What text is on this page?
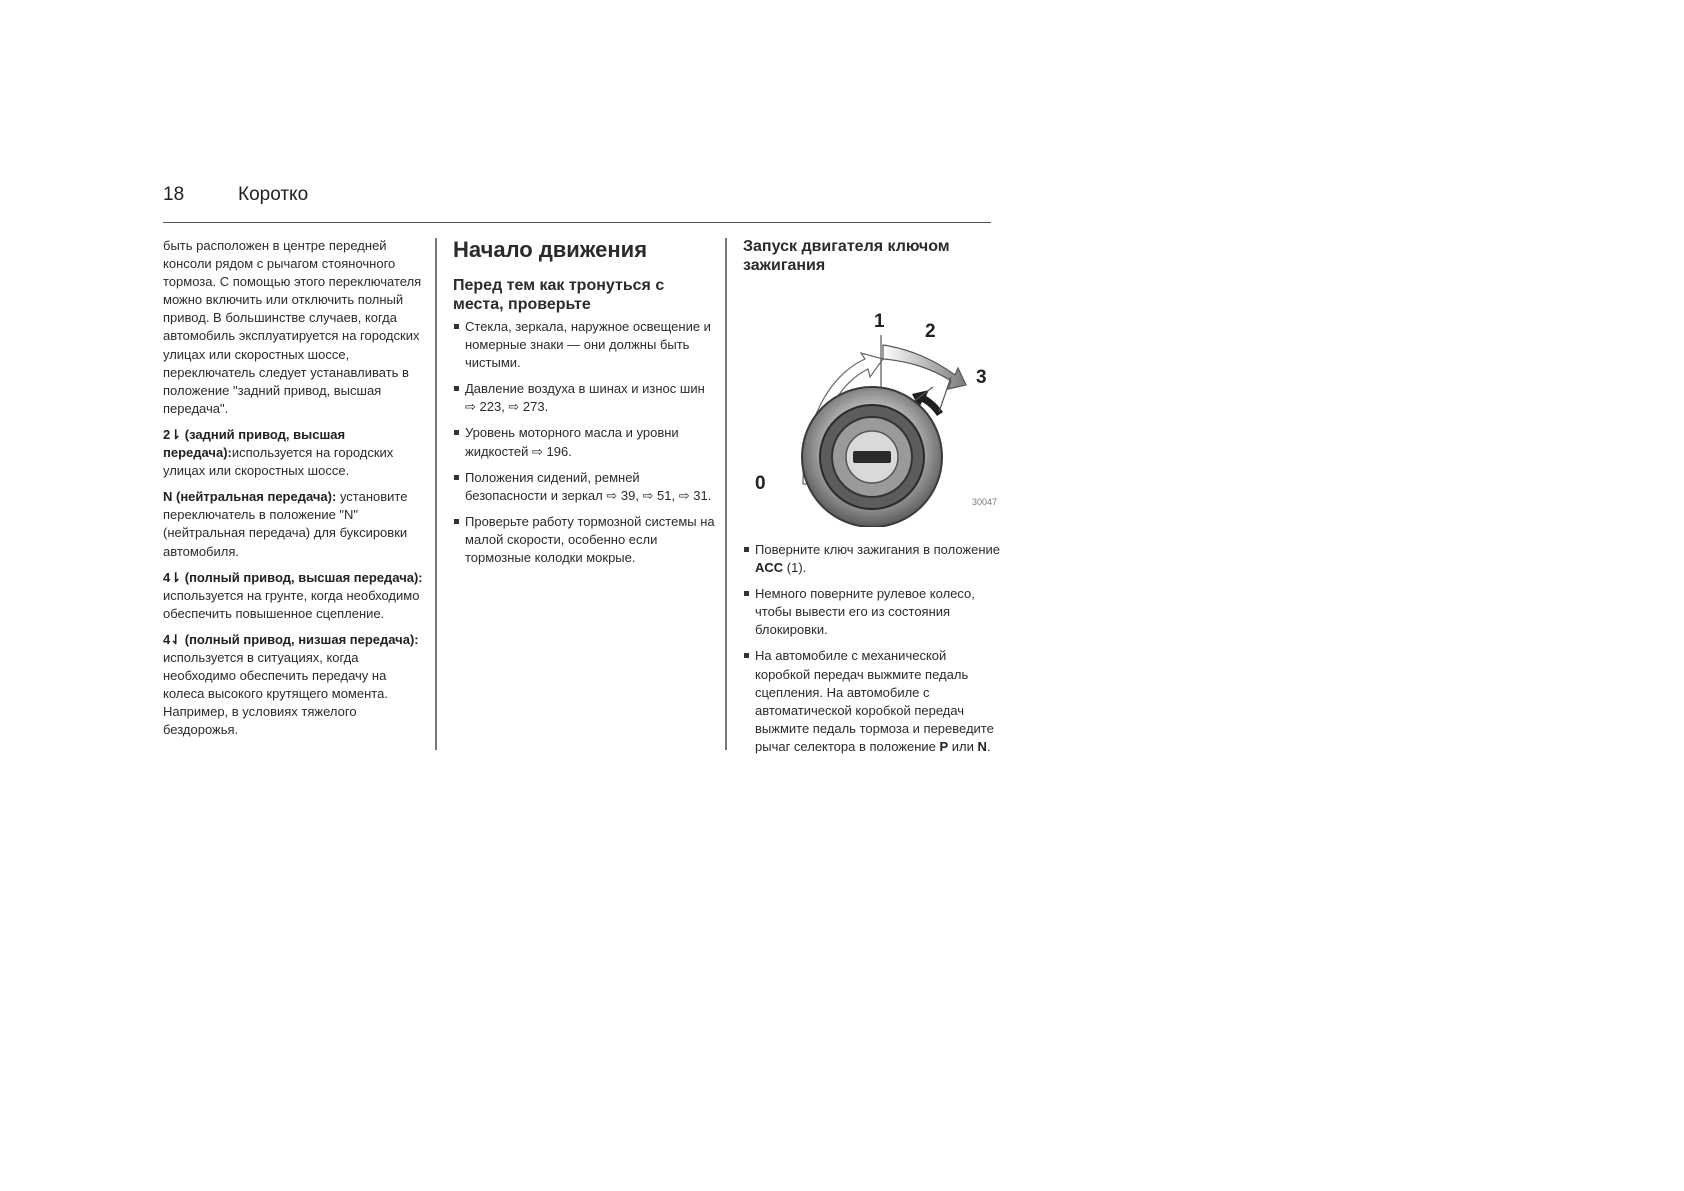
18	Коротко

быть расположен в центре передней консоли рядом с рычагом стояночного тормоза. С помощью этого переключателя можно включить или отключить полный привод. В большинстве случаев, когда автомобиль эксплуатируется на городских улицах или скоростных шоссе, переключатель следует устанавливать в положение "задний привод, высшая передача".

2⇂ (задний привод, высшая передача):используется на городских улицах или скоростных шоссе.

N (нейтральная передача): установите переключатель в положение "N" (нейтральная передача) для буксировки автомобиля.

4⇂ (полный привод, высшая передача): используется на грунте, когда необходимо обеспечить повышенное сцепление.

4⇃ (полный привод, низшая передача): используется в ситуациях, когда необходимо обеспечить передачу на колеса высокого крутящего момента. Например, в условиях тяжелого бездорожья.

Начало движения
Перед тем как тронуться с места, проверьте
Стекла, зеркала, наружное освещение и номерные знаки — они должны быть чистыми.
Давление воздуха в шинах и износ шин ⇨ 223, ⇨ 273.
Уровень моторного масла и уровни жидкостей ⇨ 196.
Положения сидений, ремней безопасности и зеркал ⇨ 39, ⇨ 51, ⇨ 31.
Проверьте работу тормозной системы на малой скорости, особенно если тормозные колодки мокрые.
Запуск двигателя ключом зажигания
0
1 2
3
30047
Поверните ключ зажигания в положение ACC (1).
Немного поверните рулевое колесо, чтобы вывести его из состояния блокировки.
На автомобиле с механической коробкой передач выжмите педаль сцепления. На автомобиле с автоматической коробкой передач выжмите педаль тормоза и переведите рычаг селектора в положение P или N.
